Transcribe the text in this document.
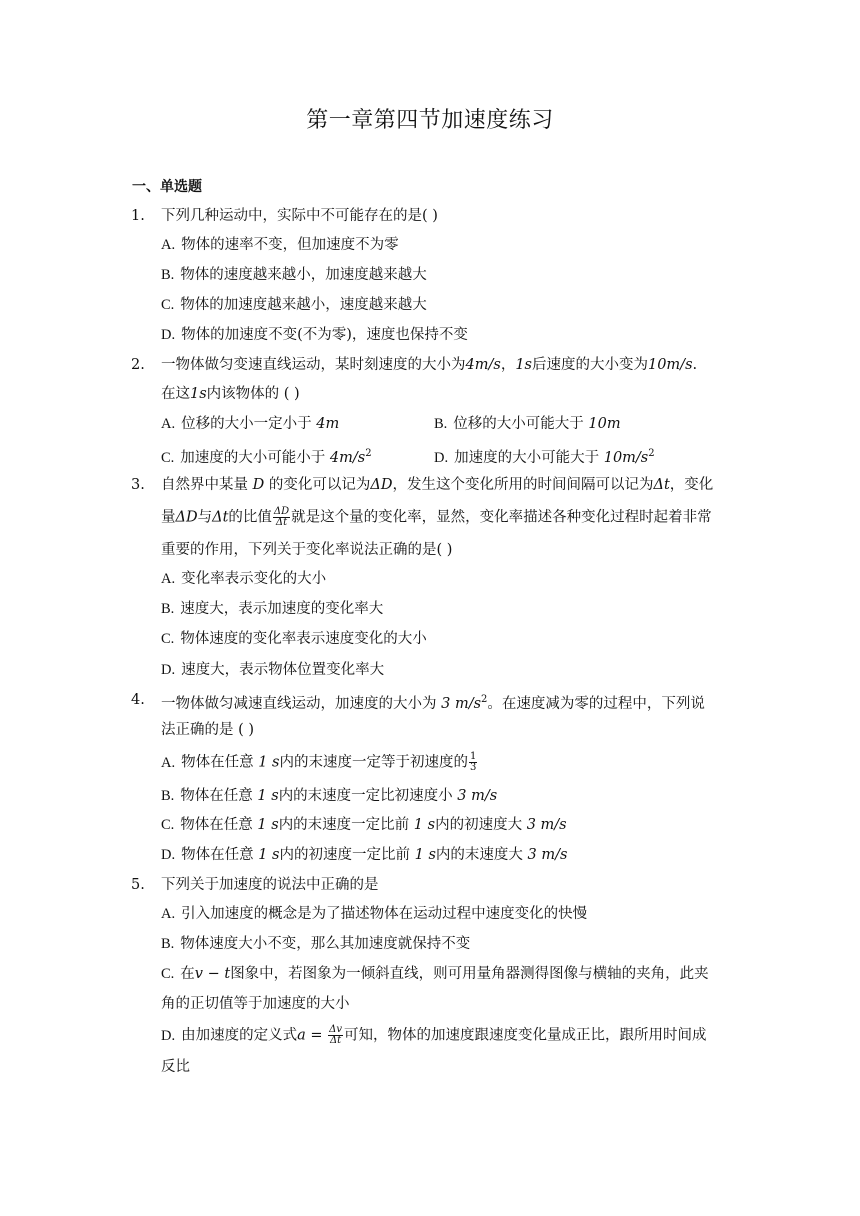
第一章第四节加速度练习
一、单选题
1.	下列几种运动中，实际中不可能存在的是( )
A. 物体的速率不变，但加速度不为零
B. 物体的速度越来越小，加速度越来越大
C. 物体的加速度越来越小，速度越来越大
D. 物体的加速度不变(不为零)，速度也保持不变
2.	一物体做匀变速直线运动，某时刻速度的大小为4m/s，1s后速度的大小变为10m/s.
在这1s内该物体的 ( )
A. 位移的大小一定小于 4m	B. 位移的大小可能大于 10m
C. 加速度的大小可能小于 $4m/s^2$	D. 加速度的大小可能大于 $10m/s^2$
3.	自然界中某量 D 的变化可以记为ΔD，发生这个变化所用的时间间隔可以记为Δt，变化
量ΔD与Δt的比值 $\frac{\Delta D}{\Delta t}$ 就是这个量的变化率，显然，变化率描述各种变化过程时起着非常
重要的作用，下列关于变化率说法正确的是( )
A. 变化率表示变化的大小
B. 速度大，表示加速度的变化率大
C. 物体速度的变化率表示速度变化的大小
D. 速度大，表示物体位置变化率大
4.	一物体做匀减速直线运动，加速度的大小为 3 $m/s^2$。在速度减为零的过程中，下列说
法正确的是 ( )
A. 物体在任意 1 s内的末速度一定等于初速度的 $\frac{1}{3}$
B. 物体在任意 1 s内的末速度一定比初速度小 3 m/s
C. 物体在任意 1 s内的末速度一定比前 1 s内的初速度大 3 m/s
D. 物体在任意 1 s内的初速度一定比前 1 s内的末速度大 3 m/s
5.	下列关于加速度的说法中正确的是
A. 引入加速度的概念是为了描述物体在运动过程中速度变化的快慢
B. 物体速度大小不变，那么其加速度就保持不变
C. 在v − t图象中，若图象为一倾斜直线，则可用量角器测得图像与横轴的夹角，此夹
角的正切值等于加速度的大小
D. 由加速度的定义式$a = \frac{\Delta v}{\Delta t}$ 可知，物体的加速度跟速度变化量成正比，跟所用时间成
反比
